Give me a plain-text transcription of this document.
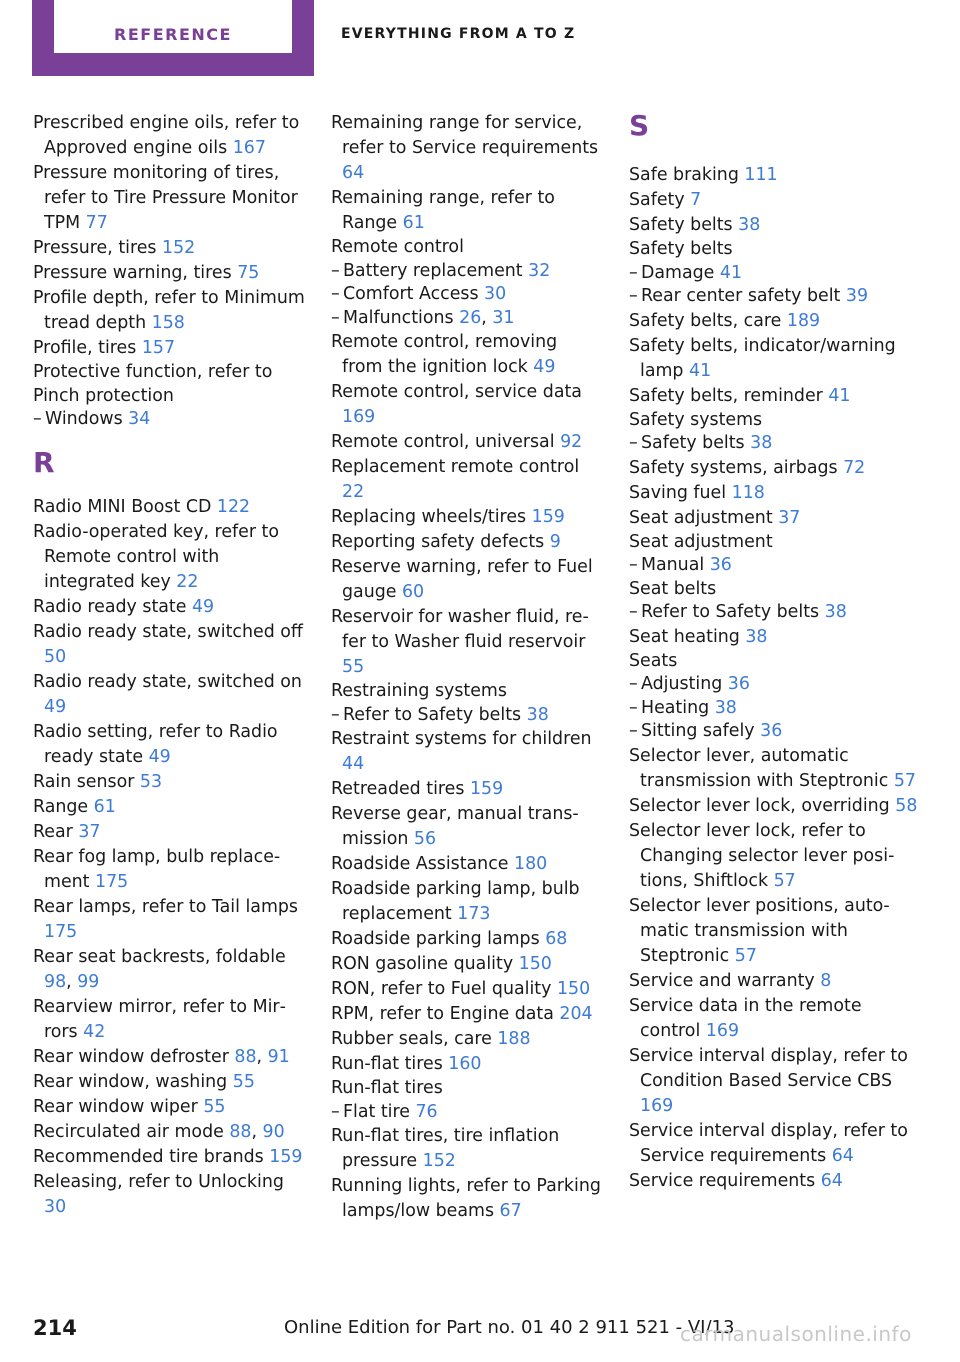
REFERENCE	EVERYTHING FROM A TO Z
Prescribed engine oils, refer to Approved engine oils 167
Pressure monitoring of tires, refer to Tire Pressure Monitor TPM 77
Pressure, tires 152
Pressure warning, tires 75
Profile depth, refer to Minimum tread depth 158
Profile, tires 157
Protective function, refer to
Pinch protection
– Windows 34
R
Radio MINI Boost CD 122
Radio-operated key, refer to Remote control with integrated key 22
Radio ready state 49
Radio ready state, switched off 50
Radio ready state, switched on 49
Radio setting, refer to Radio ready state 49
Rain sensor 53
Range 61
Rear 37
Rear fog lamp, bulb replacement 175
Rear lamps, refer to Tail lamps 175
Rear seat backrests, foldable 98, 99
Rearview mirror, refer to Mirrors 42
Rear window defroster 88, 91
Rear window, washing 55
Rear window wiper 55
Recirculated air mode 88, 90
Recommended tire brands 159
Releasing, refer to Unlocking 30
Remaining range for service, refer to Service requirements 64
Remaining range, refer to Range 61
Remote control
– Battery replacement 32
– Comfort Access 30
– Malfunctions 26, 31
Remote control, removing from the ignition lock 49
Remote control, service data 169
Remote control, universal 92
Replacement remote control 22
Replacing wheels/tires 159
Reporting safety defects 9
Reserve warning, refer to Fuel gauge 60
Reservoir for washer fluid, refer to Washer fluid reservoir 55
Restraining systems
– Refer to Safety belts 38
Restraint systems for children 44
Retreaded tires 159
Reverse gear, manual transmission 56
Roadside Assistance 180
Roadside parking lamp, bulb replacement 173
Roadside parking lamps 68
RON gasoline quality 150
RON, refer to Fuel quality 150
RPM, refer to Engine data 204
Rubber seals, care 188
Run-flat tires 160
Run-flat tires
– Flat tire 76
Run-flat tires, tire inflation pressure 152
Running lights, refer to Parking lamps/low beams 67
S
Safe braking 111
Safety 7
Safety belts 38
Safety belts
– Damage 41
– Rear center safety belt 39
Safety belts, care 189
Safety belts, indicator/warning lamp 41
Safety belts, reminder 41
Safety systems
– Safety belts 38
Safety systems, airbags 72
Saving fuel 118
Seat adjustment 37
Seat adjustment
– Manual 36
Seat belts
– Refer to Safety belts 38
Seat heating 38
Seats
– Adjusting 36
– Heating 38
– Sitting safely 36
Selector lever, automatic transmission with Steptronic 57
Selector lever lock, overriding 58
Selector lever lock, refer to Changing selector lever positions, Shiftlock 57
Selector lever positions, automatic transmission with Steptronic 57
Service and warranty 8
Service data in the remote control 169
Service interval display, refer to Condition Based Service CBS 169
Service interval display, refer to Service requirements 64
Service requirements 64
214	Online Edition for Part no. 01 40 2 911 521 - VI/13
carmanualsonline.info
